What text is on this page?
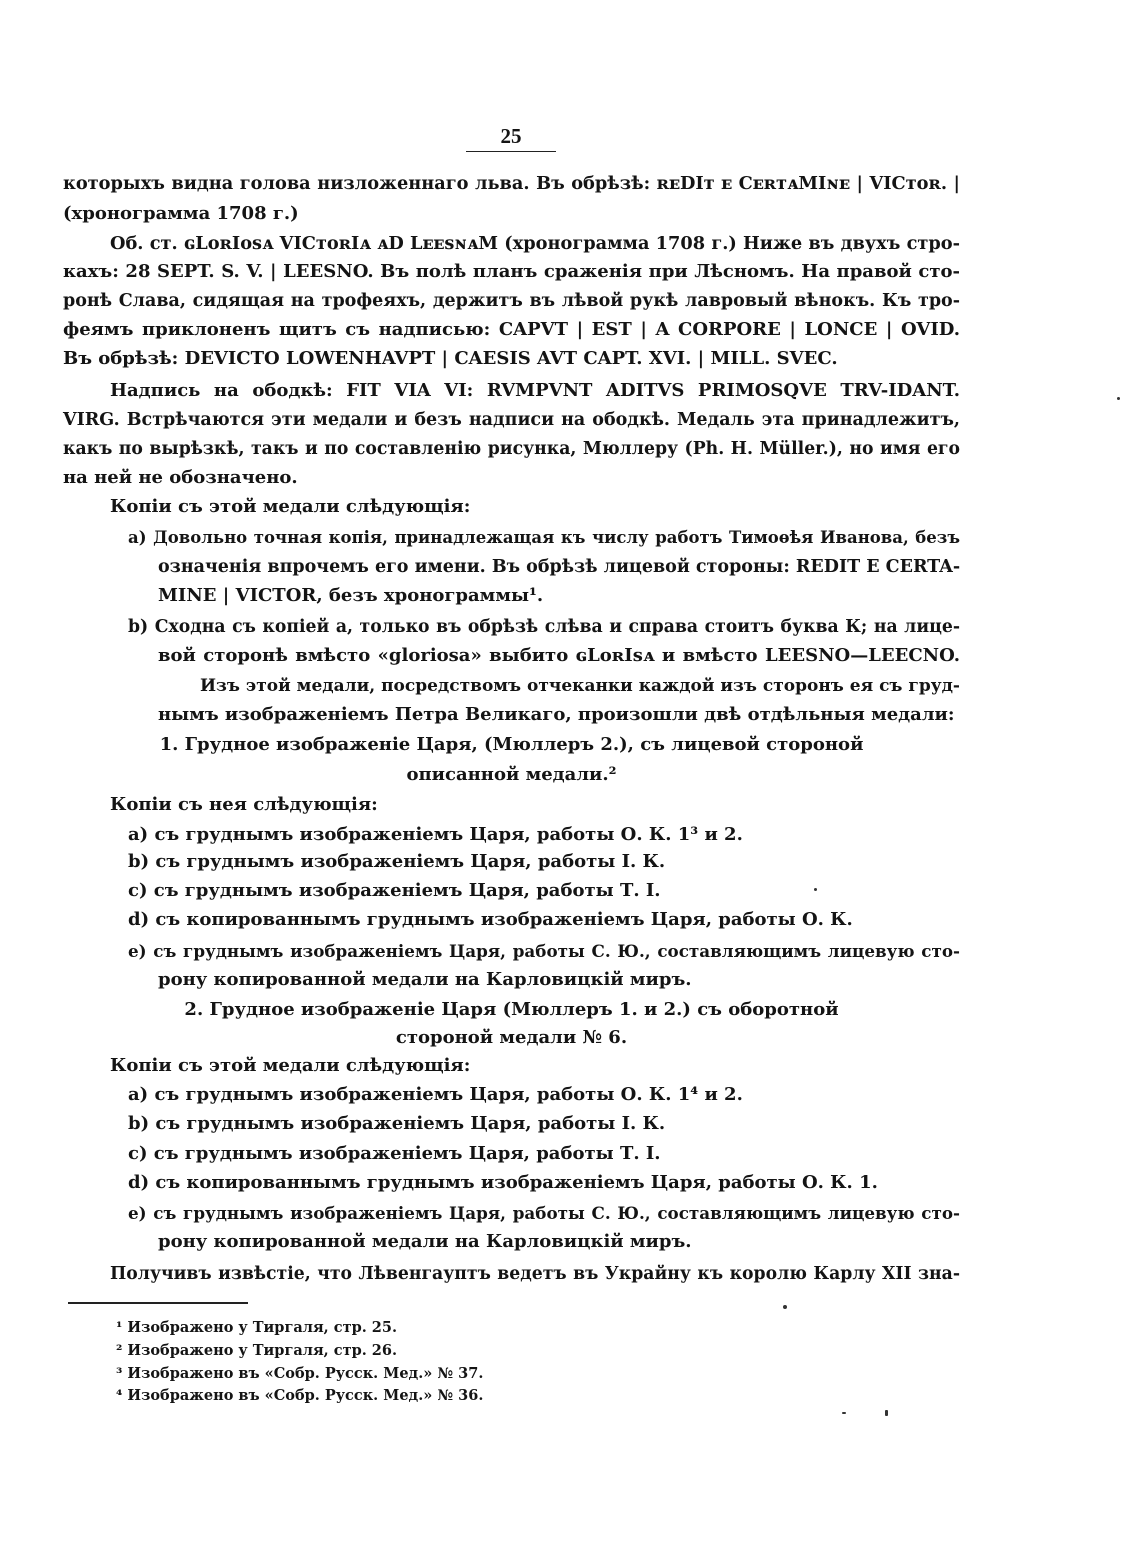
25
которыхъ видна голова низложеннаго льва. Въ обрѣзѣ: ʀᴇDIᴛ ᴇ CᴇʀᴛᴀMIɴᴇ | VICᴛᴏʀ. |
(хронограмма 1708 г.)
Об. ст. ɢLᴏʀIᴏsᴀ VICᴛᴏʀIᴀ ᴀD LᴇᴇsɴᴀM (хронограмма 1708 г.) Ниже въ двухъ стро-
кахъ: 28 SEPT. S. V. | LEESNO. Въ полѣ планъ сраженія при Лѣсномъ. На правой сто-
ронѣ Слава, сидящая на трофеяхъ, держитъ въ лѣвой рукѣ лавровый вѣнокъ. Къ тро-
феямъ приклоненъ щитъ съ надписью: CAPVT | EST | A CORPORE | LONCE | OVID.
Въ обрѣзѣ: DEVICTO LOWENHAVPT | CAESIS AVT CAPT. XVI. | MILL. SVEC.
Надпись на ободкѣ: FIT VIA VI: RVMPVNT ADITVS PRIMOSQVE TRV-IDANT.
VIRG. Встрѣчаются эти медали и безъ надписи на ободкѣ. Медаль эта принадлежитъ,
какъ по вырѣзкѣ, такъ и по составленію рисунка, Мюллеру (Ph. H. Müller.), но имя его
на ней не обозначено.
Копіи съ этой медали слѣдующія:
a) Довольно точная копія, принадлежащая къ числу работъ Тимоѳѣя Иванова, безъ
означенія впрочемъ его имени. Въ обрѣзѣ лицевой стороны: REDIT E CERTA-
MINE | VICTOR, безъ хронограммы¹.
b) Сходна съ копіей a, только въ обрѣзѣ слѣва и справа стоитъ буква К; на лице-
вой сторонѣ вмѣсто «gloriosa» выбито ɢLᴏʀIsᴀ и вмѣсто LEESNO—LEECNO.
Изъ этой медали, посредствомъ отчеканки каждой изъ сторонъ ея съ груд-
нымъ изображеніемъ Петра Великаго, произошли двѣ отдѣльныя медали:
1. Грудное изображеніе Царя, (Мюллеръ 2.), съ лицевой стороной
описанной медали.²
Копіи съ нея слѣдующія:
a) съ груднымъ изображеніемъ Царя, работы О. К. 1³ и 2.
b) съ груднымъ изображеніемъ Царя, работы I. К.
c) съ груднымъ изображеніемъ Царя, работы Т. I.
d) съ копированнымъ груднымъ изображеніемъ Царя, работы О. К.
e) съ груднымъ изображеніемъ Царя, работы С. Ю., составляющимъ лицевую сто-
рону копированной медали на Карловицкій миръ.
2. Грудное изображеніе Царя (Мюллеръ 1. и 2.) съ оборотной
стороной медали № 6.
Копіи съ этой медали слѣдующія:
a) съ груднымъ изображеніемъ Царя, работы О. К. 1⁴ и 2.
b) съ груднымъ изображеніемъ Царя, работы I. К.
c) съ груднымъ изображеніемъ Царя, работы Т. I.
d) съ копированнымъ груднымъ изображеніемъ Царя, работы О. К. 1.
e) съ груднымъ изображеніемъ Царя, работы С. Ю., составляющимъ лицевую сто-
рону копированной медали на Карловицкій миръ.
Получивъ извѣстіе, что Лѣвенгауптъ ведетъ въ Украйну къ королю Карлу XII зна-
¹ Изображено у Тиргаля, стр. 25.
² Изображено у Тиргаля, стр. 26.
³ Изображено въ «Собр. Русск. Мед.» № 37.
⁴ Изображено въ «Собр. Русск. Мед.» № 36.
